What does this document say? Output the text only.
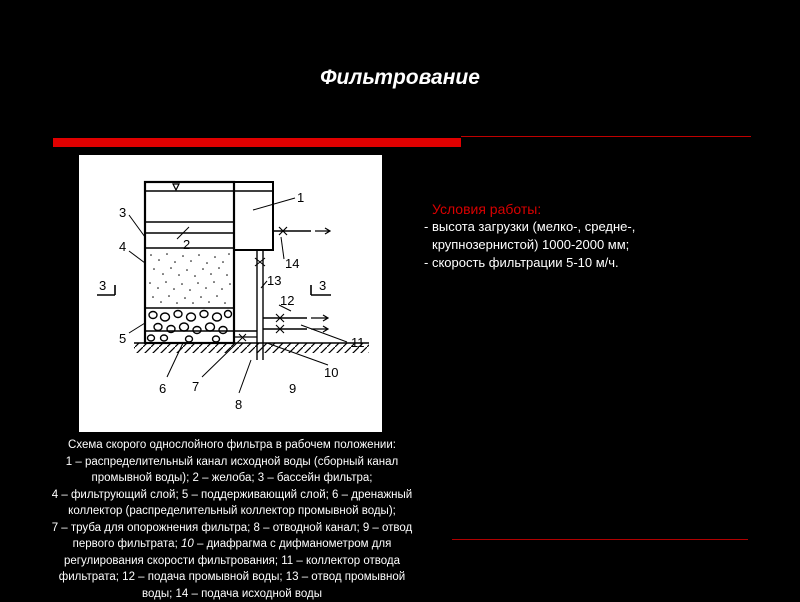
Фильтрование
1
2
3
4
5
6 7
8
9
10
11
12
13
14
3	3
Условия работы:
- высота загрузки (мелко-, средне-,
крупнозернистой) 1000-2000 мм;
- скорость фильтрации 5-10 м/ч.
Схема скорого однослойного фильтра в рабочем положении:
1 – распределительный канал исходной воды (сборный канал
промывной воды); 2 – желоба; 3 – бассейн фильтра;
4 – фильтрующий слой; 5 – поддерживающий слой; 6 – дренажный
коллектор (распределительный коллектор промывной воды);
7 – труба для опорожнения фильтра; 8 – отводной канал; 9 – отвод
первого фильтрата; 10 – диафрагма с дифманометром для
регулирования скорости фильтрования; 11 – коллектор отвода
фильтрата; 12 – подача промывной воды; 13 – отвод промывной
воды; 14 – подача исходной воды
